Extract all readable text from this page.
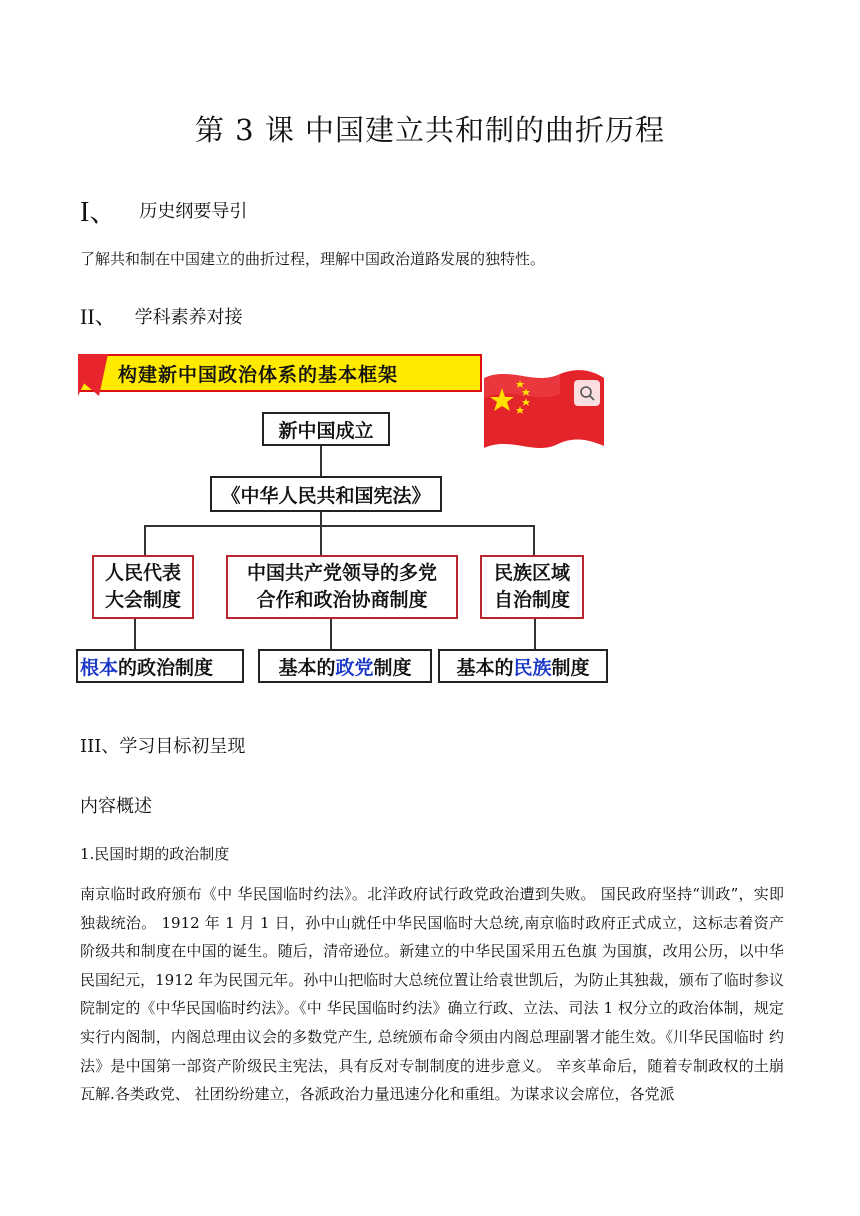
第 3 课 中国建立共和制的曲折历程
I、 历史纲要导引
了解共和制在中国建立的曲折过程，理解中国政治道路发展的独特性。
II、 学科素养对接
构建新中国政治体系的基本框架
新中国成立
《中华人民共和国宪法》
人民代表
大会制度
中国共产党领导的多党
合作和政治协商制度
民族区域
自治制度
根本 的政治制度	基本的 政党 制度 基本的 民族 制度
III、学习目标初呈现
内容概述
1.民国时期的政治制度
南京临时政府颁布《中 华民国临时约法》。北洋政府试行政党政治遭到失败。 国民政府坚持“训政”，实即独裁统治。 1912 年 1 月 1 日，孙中山就任中华民国临时大总统,南京临时政府正式成立，这标志着资产阶级共和制度在中国的诞生。随后，清帝逊位。新建立的中华民国采用五色旗 为国旗，改用公历，以中华民国纪元，1912 年为民国元年。孙中山把临时大总统位置让给袁世凯后，为防止其独裁，颁布了临时参议院制定的《中华民国临时约法》。《中 华民国临时约法》确立行政、立法、司法 1 权分立的政治体制，规定实行内阁制，内阁总理由议会的多数党产生, 总统颁布命令须由内阁总理副署才能生效。《川华民国临时 约法》是中国第一部资产阶级民主宪法，具有反对专制制度的进步意义。 辛亥革命后，随着专制政权的土崩瓦解.各类政党、 社团纷纷建立，各派政治力量迅速分化和重组。为谋求议会席位，各党派
